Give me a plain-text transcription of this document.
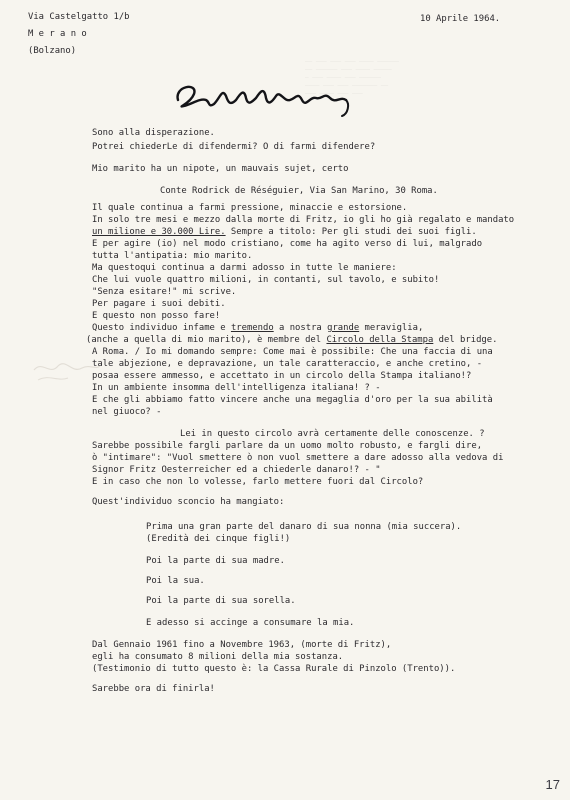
—— ——— ——— ——— ———— ——————
—— —————— ——— ———— —————
— ——— ———— ——— ——————
———— ——— ——— ——————— ——
——— ———— ——— ———
Via Castelgatto 1/b
M e r a n o
(Bolzano)
10 Aprile 1964.
Sono alla disperazione.
Potrei chiederLe di difendermi? O di farmi difendere?
Mio marito ha un nipote, un mauvais sujet, certo
Conte Rodrick de Réséguier, Via San Marino, 30 Roma.
Il quale continua a farmi pressione, minaccie e estorsione.
In solo tre mesi e mezzo dalla morte di Fritz, io gli ho già regalato e mandato
un milione e 30.000 Lire. Sempre a titolo: Per gli studi dei suoi figli.
E per agire (io) nel modo cristiano, come ha agito verso di lui, malgrado
tutta l'antipatia: mio marito.
Ma questoqui continua a darmi adosso in tutte le maniere:
Che lui vuole quattro milioni, in contanti, sul tavolo, e subito!
"Senza esitare!" mi scrive.
Per pagare i suoi debiti.
E questo non posso fare!
Questo individuo infame e tremendo a nostra grande meraviglia,
(anche a quella di mio marito), è membre del Circolo della Stampa del bridge.
A Roma. / Io mi domando sempre: Come mai è possibile: Che una faccia di una
tale abjezione, e depravazione, un tale caratteraccio, e anche cretino, -
posaa essere ammesso, e accettato in un circolo della Stampa italiano!?
In un ambiente insomma dell'intelligenza italiana! ? -
E che gli abbiamo fatto vincere anche una megaglia d'oro per la sua abilità
nel giuoco? -
Lei in questo circolo avrà certamente delle conoscenze. ?
Sarebbe possibile fargli parlare da un uomo molto robusto, e fargli dire,
ò "intimare": "Vuol smettere ò non vuol smettere a dare adosso alla vedova di
Signor Fritz Oesterreicher ed a chiederle danaro!? - "
E in caso che non lo volesse, farlo mettere fuori dal Circolo?
Quest'individuo sconcio ha mangiato:
Prima una gran parte del danaro di sua nonna (mia succera).
(Eredità dei cinque figli!)
Poi la parte di sua madre.
Poi la sua.
Poi la parte di sua sorella.
E adesso si accinge a consumare la mia.
Dal Gennaio 1961 fino a Novembre 1963, (morte di Fritz),
egli ha consumato 8 milioni della mia sostanza.
(Testimonio di tutto questo è: la Cassa Rurale di Pinzolo (Trento)).
Sarebbe ora di finirla!
17
